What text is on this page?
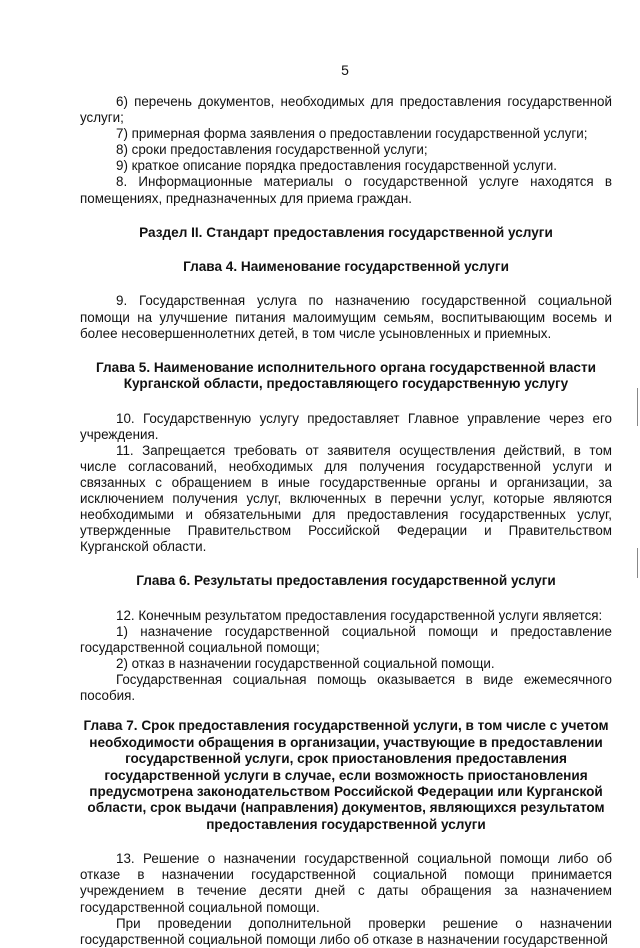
5

6) перечень документов, необходимых для предоставления государственной услуги;

7) примерная форма заявления о предоставлении государственной услуги;

8) сроки предоставления государственной услуги;

9) краткое описание порядка предоставления государственной услуги.

8. Информационные материалы о государственной услуге находятся в помещениях, предназначенных для приема граждан.

Раздел II. Стандарт предоставления государственной услуги
Глава 4. Наименование государственной услуги

9. Государственная услуга по назначению государственной социальной помощи на улучшение питания малоимущим семьям, воспитывающим восемь и более несовершеннолетних детей, в том числе усыновленных и приемных.

Глава 5. Наименование исполнительного органа государственной власти Курганской области, предоставляющего государственную услугу

10. Государственную услугу предоставляет Главное управление через его учреждения.

11. Запрещается требовать от заявителя осуществления действий, в том числе согласований, необходимых для получения государственной услуги и связанных с обращением в иные государственные органы и организации, за исключением получения услуг, включенных в перечни услуг, которые являются необходимыми и обязательными для предоставления государственных услуг, утвержденные Правительством Российской Федерации и Правительством Курганской области.

Глава 6. Результаты предоставления государственной услуги

12. Конечным результатом предоставления государственной услуги является:

1) назначение государственной социальной помощи и предоставление государственной социальной помощи;

2) отказ в назначении государственной социальной помощи.

Государственная социальная помощь оказывается в виде ежемесячного пособия.

Глава 7. Срок предоставления государственной услуги, в том числе с учетом необходимости обращения в организации, участвующие в предоставлении государственной услуги, срок приостановления предоставления государственной услуги в случае, если возможность приостановления предусмотрена законодательством Российской Федерации или Курганской области, срок выдачи (направления) документов, являющихся результатом предоставления государственной услуги

13. Решение о назначении государственной социальной помощи либо об отказе в назначении государственной социальной помощи принимается учреждением в течение десяти дней с даты обращения за назначением государственной социальной помощи.

При проведении дополнительной проверки решение о назначении государственной социальной помощи либо об отказе в назначении государственной
